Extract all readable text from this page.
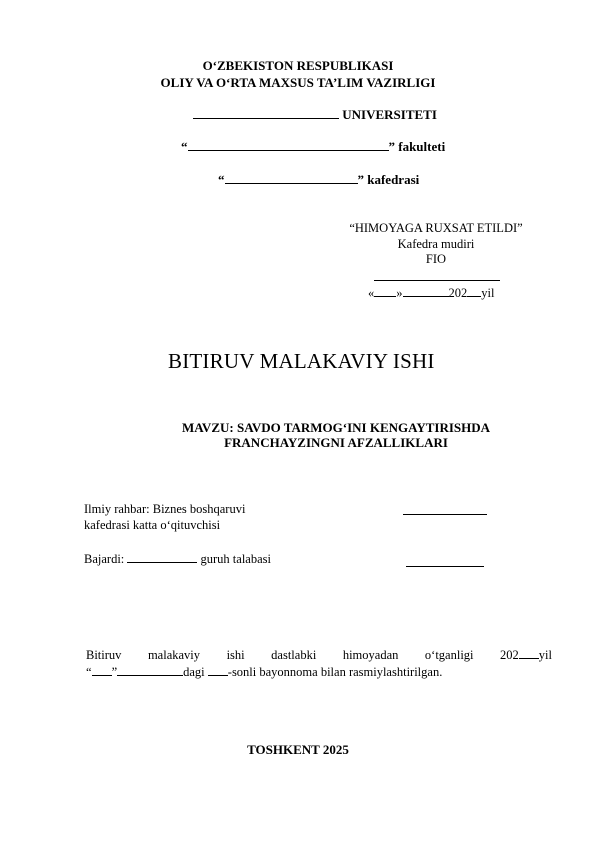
O‘ZBEKISTON RESPUBLIKASI
OLIY VA O‘RTA MAXSUS TA’LIM VAZIRLIGI
UNIVERSITETI
“	” fakulteti
“	” kafedrasi
“HIMOYAGA RUXSAT ETILDI”
Kafedra mudiri
FIO
« »	202 yil
BITIRUV MALAKAVIY ISHI
MAVZU: SAVDO TARMOG‘INI KENGAYTIRISHDA
FRANCHAYZINGNI AFZALLIKLARI
Ilmiy rahbar: Biznes boshqaruvi
kafedrasi katta o‘qituvchisi
Bajardi:	guruh talabasi
Bitiruv malakaviy ishi dastlabki himoyadan o‘tganligi 202 yil
“ ”	dagi -sonli bayonnoma bilan rasmiylashtirilgan.
TOSHKENT 2025
